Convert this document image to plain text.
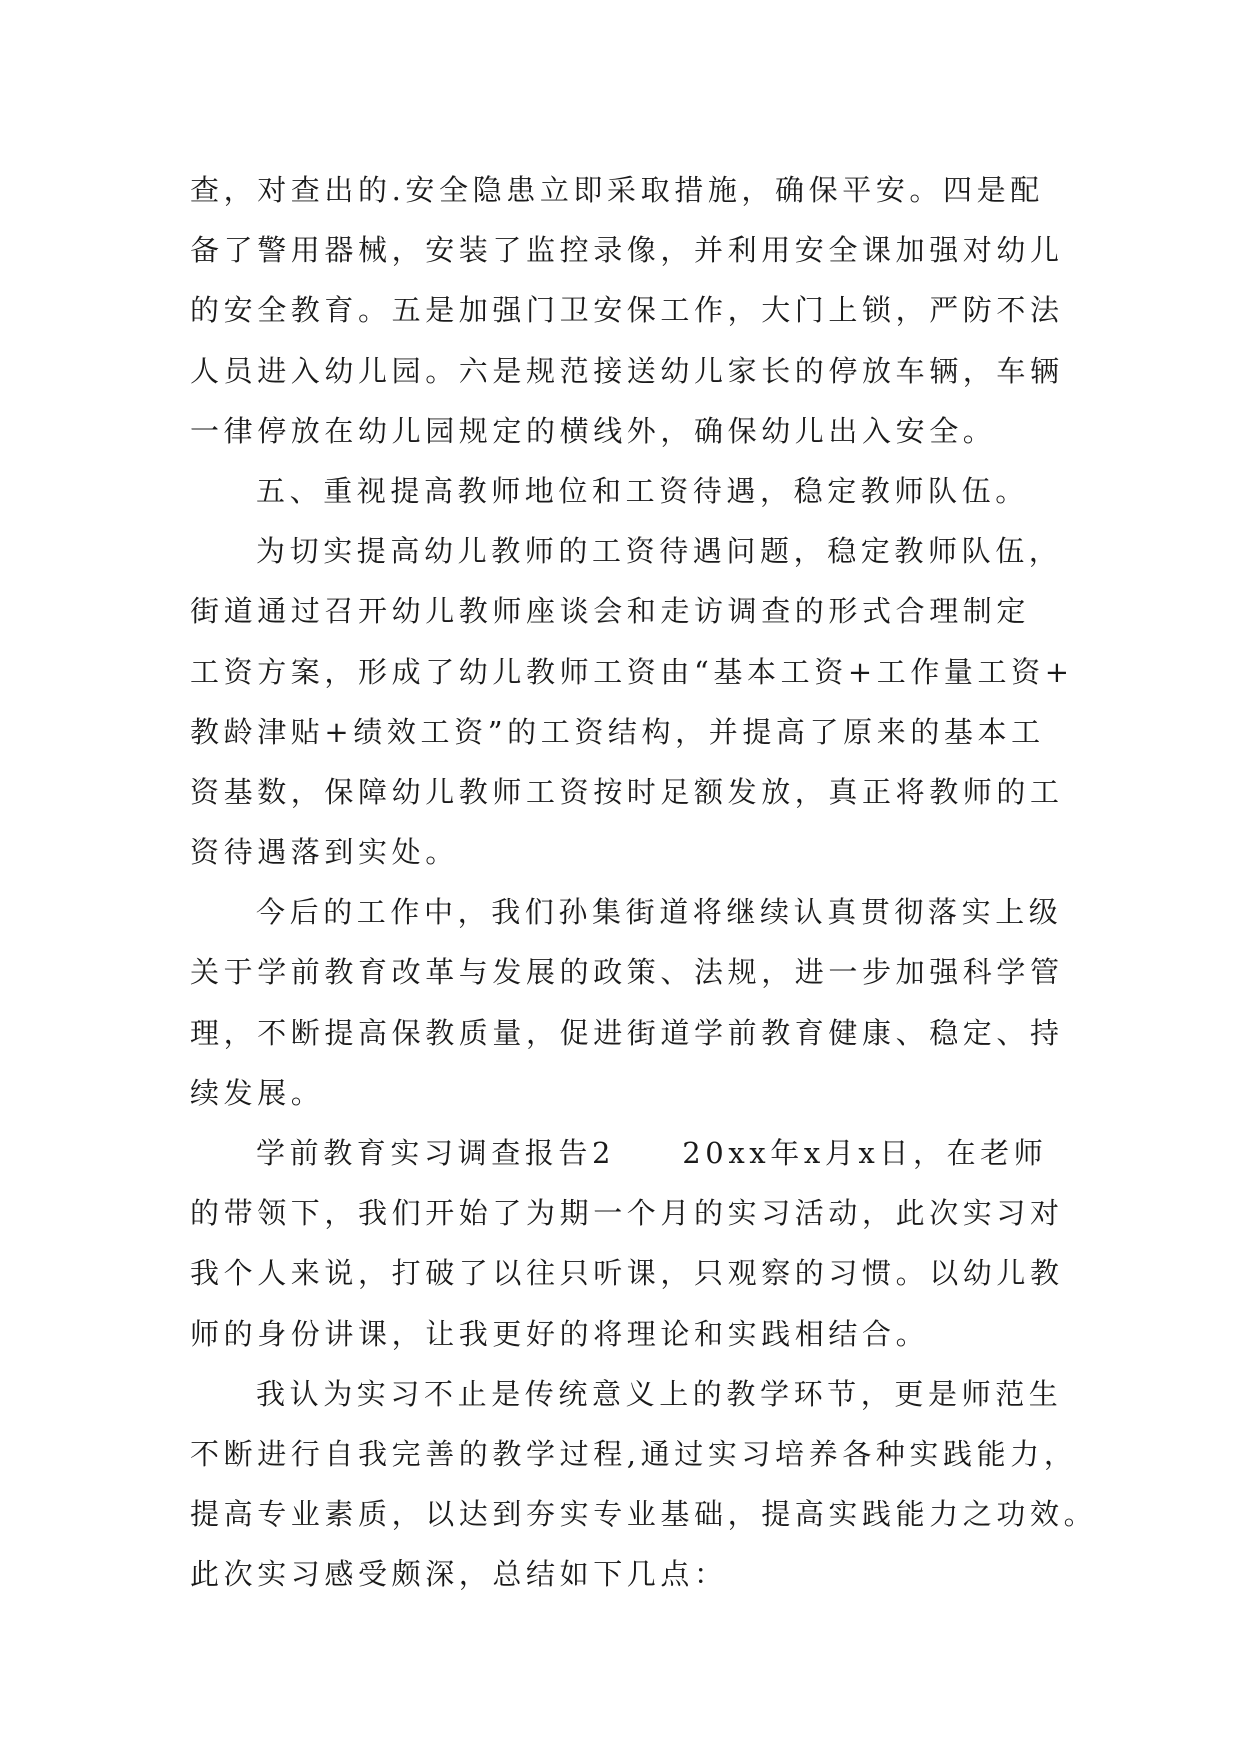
查，对查出的.安全隐患立即采取措施，确保平安。四是配
备了警用器械，安装了监控录像，并利用安全课加强对幼儿
的安全教育。五是加强门卫安保工作，大门上锁，严防不法
人员进入幼儿园。六是规范接送幼儿家长的停放车辆，车辆
一律停放在幼儿园规定的横线外，确保幼儿出入安全。
五、重视提高教师地位和工资待遇，稳定教师队伍。
为切实提高幼儿教师的工资待遇问题，稳定教师队伍，
街道通过召开幼儿教师座谈会和走访调查的形式合理制定
工资方案，形成了幼儿教师工资由“基本工资+工作量工资+
教龄津贴+绩效工资”的工资结构，并提高了原来的基本工
资基数，保障幼儿教师工资按时足额发放，真正将教师的工
资待遇落到实处。
今后的工作中，我们孙集街道将继续认真贯彻落实上级
关于学前教育改革与发展的政策、法规，进一步加强科学管
理，不断提高保教质量，促进街道学前教育健康、稳定、持
续发展。
学前教育实习调查报告2　　20xx年x月x日，在老师
的带领下，我们开始了为期一个月的实习活动，此次实习对
我个人来说，打破了以往只听课，只观察的习惯。以幼儿教
师的身份讲课，让我更好的将理论和实践相结合。
我认为实习不止是传统意义上的教学环节，更是师范生
不断进行自我完善的教学过程,通过实习培养各种实践能力，
提高专业素质，以达到夯实专业基础，提高实践能力之功效。
此次实习感受颇深，总结如下几点：
